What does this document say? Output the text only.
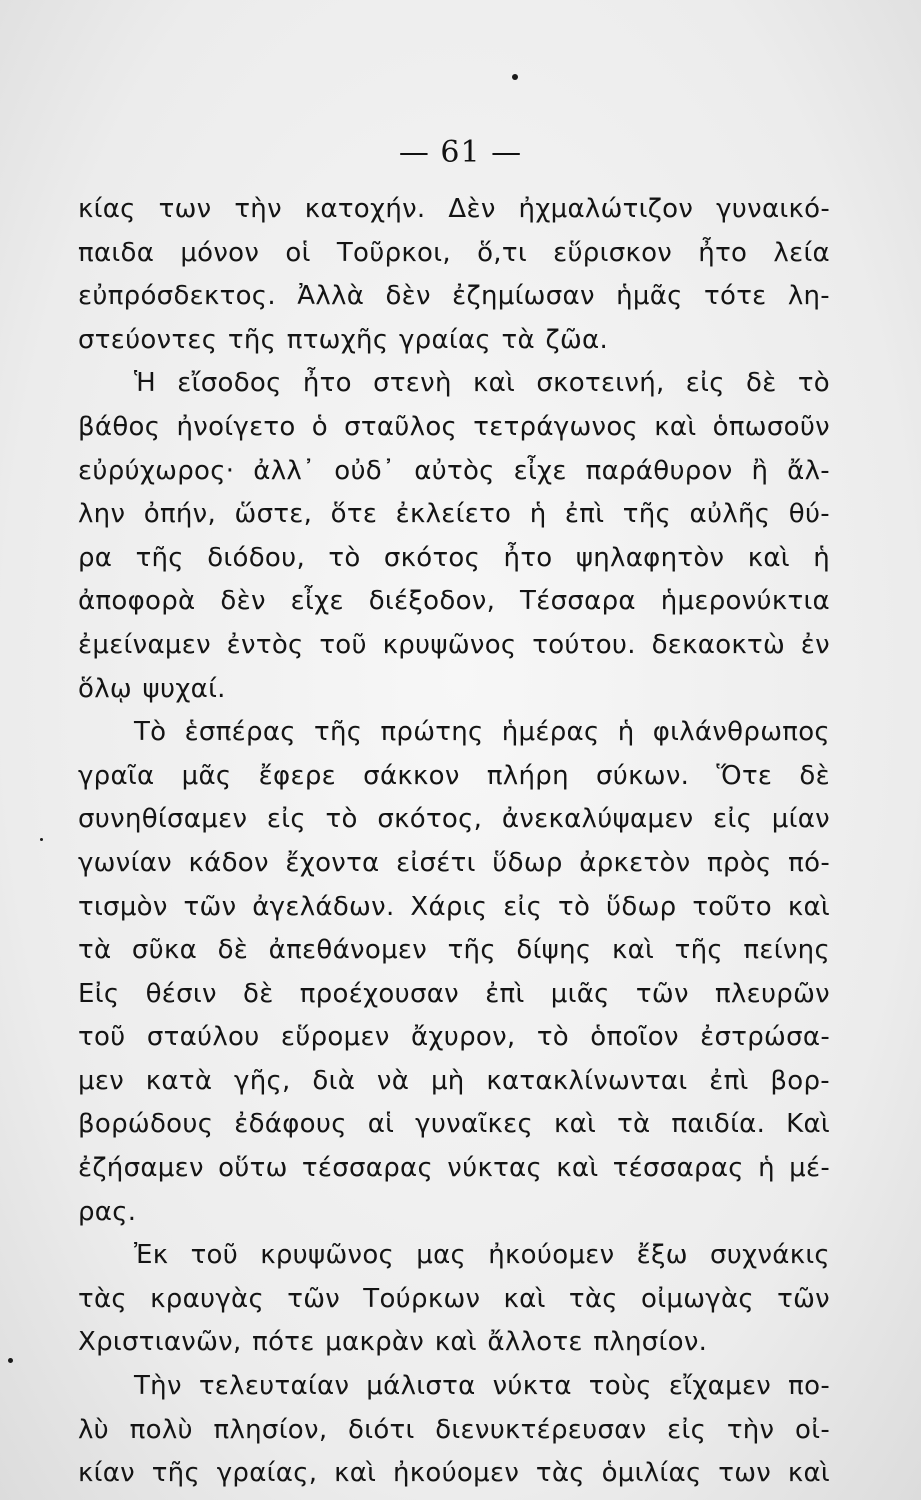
— 61 —
κίας των τὴν κατοχήν. Δὲν ἠχμαλώτιζον γυναικό-
παιδα μόνον οἱ Τοῦρκοι, ὅ,τι εὕρισκον ἦτο λεία
εὐπρόσδεκτος. Ἀλλὰ δὲν ἐζημίωσαν ἡμᾶς τότε λη-
στεύοντες τῆς πτωχῆς γραίας τὰ ζῶα.
Ἡ εἴσοδος ἦτο στενὴ καὶ σκοτεινή, εἰς δὲ τὸ
βάθος ἠνοίγετο ὁ σταῦλος τετράγωνος καὶ ὁπωσοῦν
εὐρύχωρος· ἀλλ᾿ οὐδ᾿ αὐτὸς εἶχε παράθυρον ἢ ἄλ-
λην ὀπήν, ὥστε, ὅτε ἐκλείετο ἡ ἐπὶ τῆς αὐλῆς θύ-
ρα τῆς διόδου, τὸ σκότος ἦτο ψηλαφητὸν καὶ ἡ
ἀποφορὰ δὲν εἶχε διέξοδον, Τέσσαρα ἡμερονύκτια
ἐμείναμεν ἐντὸς τοῦ κρυψῶνος τούτου. δεκαοκτὼ ἐν
ὅλῳ ψυχαί.
Τὸ ἑσπέρας τῆς πρώτης ἡμέρας ἡ φιλάνθρωπος
γραῖα μᾶς ἔφερε σάκκον πλήρη σύκων. Ὅτε δὲ
συνηθίσαμεν εἰς τὸ σκότος, ἀνεκαλύψαμεν εἰς μίαν
γωνίαν κάδον ἔχοντα εἰσέτι ὕδωρ ἀρκετὸν πρὸς πό-
τισμὸν τῶν ἀγελάδων. Χάρις εἰς τὸ ὕδωρ τοῦτο καὶ
τὰ σῦκα δὲ ἀπεθάνομεν τῆς δίψης καὶ τῆς πείνης
Εἰς θέσιν δὲ προέχουσαν ἐπὶ μιᾶς τῶν πλευρῶν
τοῦ σταύλου εὕρομεν ἄχυρον, τὸ ὁποῖον ἐστρώσα-
μεν κατὰ γῆς, διὰ νὰ μὴ κατακλίνωνται ἐπὶ βορ-
βορώδους ἐδάφους αἱ γυναῖκες καὶ τὰ παιδία. Καὶ
ἐζήσαμεν οὕτω τέσσαρας νύκτας καὶ τέσσαρας ἡ μέ-
ρας.
Ἐκ τοῦ κρυψῶνος μας ἠκούομεν ἔξω συχνάκις
τὰς κραυγὰς τῶν Τούρκων καὶ τὰς οἰμωγὰς τῶν
Χριστιανῶν, πότε μακρὰν καὶ ἄλλοτε πλησίον.
Τὴν τελευταίαν μάλιστα νύκτα τοὺς εἴχαμεν πο-
λὺ πολὺ πλησίον, διότι διενυκτέρευσαν εἰς τὴν οἰ-
κίαν τῆς γραίας, καὶ ἠκούομεν τὰς ὁμιλίας των καὶ
